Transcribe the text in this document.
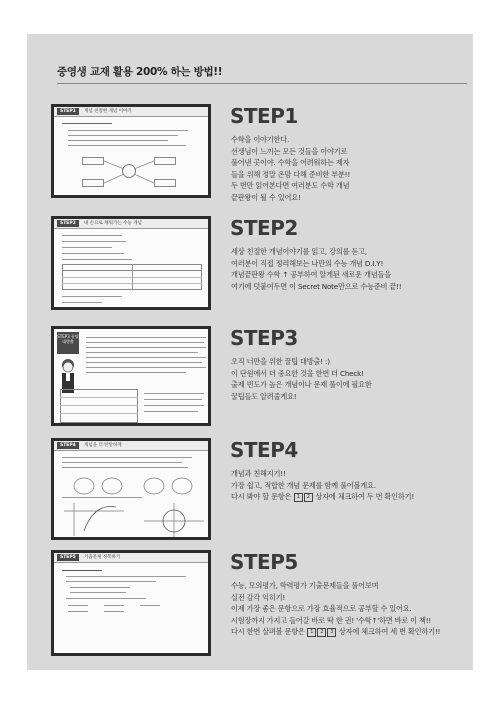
중영생 교재 활용 200% 하는 방법!!
STEP1	개념 친절한 개념 이야기	STEP1
수학을 이야기한다.
선생님이 느끼는 모든 것들을 이야기로
풀어낸 곳이야. 수학을 어려워하는 제자
들을 위해 정말 온맘 다해 준비한 부분!!
두 번만 읽어본다면 여러분도 수학 개념
끝판왕이 될 수 있어요!
STEP2	내 손으로 채워가는 수능 개념	STEP2
세상 친절한 개념이야기를 읽고, 강의를 듣고,
여러분이 직접 정리해보는 나만의 수능 개념 D.I.Y!
개념끝판왕 수학 ↑ 공부하여 알게된 새로운 개념들을
여기에 덧붙여두면 이 Secret Note만으로 수능준비 끝!!
STEP3 꿀팁대방출	STEP3
오직 너만을 위한 꿀팁 대방출! :)
이 단원에서 더 중요한 것을 한번 더 Check!
출제 빈도가 높은 개념이나 문제 풀이에 필요한
꿀팁들도 알려줄게요!
STEP4	개념을 더 탄탄하게	STEP4
개념과 친해지기!!
가장 쉽고, 적합한 개념 문제를 함께 풀어볼게요.
다시 봐야 할 문항은 1 2 상자에 체크하여 두 번 확인하기!
STEP5	기출문제 정복하기	STEP5
수능, 모의평가, 학력평가 기출문제들을 풀어보며
실전 감각 익히기!
이제 가장 좋은 문항으로 가장 효율적으로 공부할 수 있어요.
시험장까지 가지고 들어갈 바로 딱 한 권! '수학↑'하면 바로 이 책!!
다시 한번 살펴볼 문항은 1 2 3 상자에 체크하여 세 번 확인하기!!
